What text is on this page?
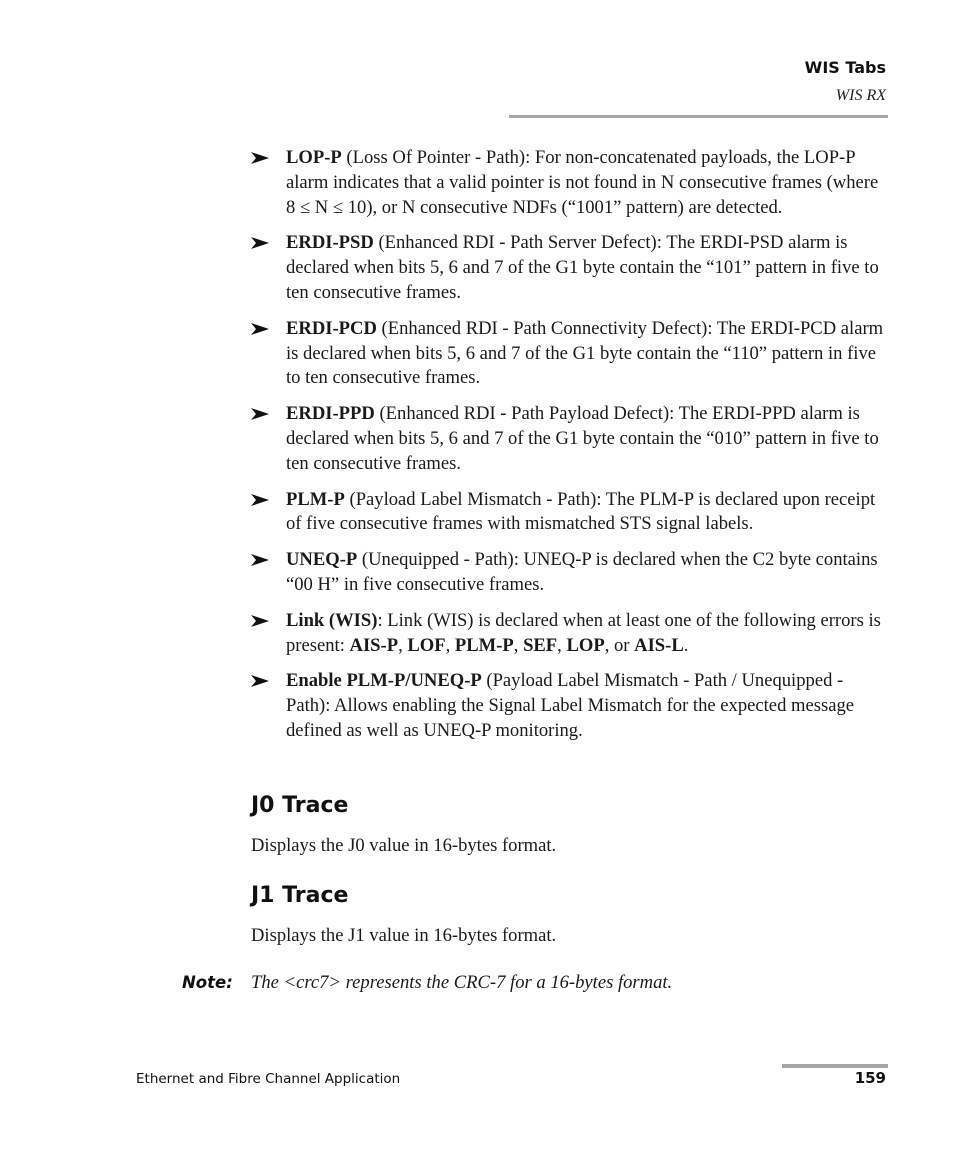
WIS Tabs
WIS RX
LOP-P (Loss Of Pointer - Path): For non-concatenated payloads, the LOP-P alarm indicates that a valid pointer is not found in N consecutive frames (where 8 ≤ N ≤ 10), or N consecutive NDFs (“1001” pattern) are detected.
ERDI-PSD (Enhanced RDI - Path Server Defect): The ERDI-PSD alarm is declared when bits 5, 6 and 7 of the G1 byte contain the “101” pattern in five to ten consecutive frames.
ERDI-PCD (Enhanced RDI - Path Connectivity Defect): The ERDI-PCD alarm is declared when bits 5, 6 and 7 of the G1 byte contain the “110” pattern in five to ten consecutive frames.
ERDI-PPD (Enhanced RDI - Path Payload Defect): The ERDI-PPD alarm is declared when bits 5, 6 and 7 of the G1 byte contain the “010” pattern in five to ten consecutive frames.
PLM-P (Payload Label Mismatch - Path): The PLM-P is declared upon receipt of five consecutive frames with mismatched STS signal labels.
UNEQ-P (Unequipped - Path): UNEQ-P is declared when the C2 byte contains “00 H” in five consecutive frames.
Link (WIS): Link (WIS) is declared when at least one of the following errors is present: AIS-P, LOF, PLM-P, SEF, LOP, or AIS-L.
Enable PLM-P/UNEQ-P (Payload Label Mismatch - Path / Unequipped - Path): Allows enabling the Signal Label Mismatch for the expected message defined as well as UNEQ-P monitoring.
J0 Trace

Displays the J0 value in 16-bytes format.

J1 Trace

Displays the J1 value in 16-bytes format.

Note: The <crc7> represents the CRC-7 for a 16-bytes format.
Ethernet and Fibre Channel Application	159
